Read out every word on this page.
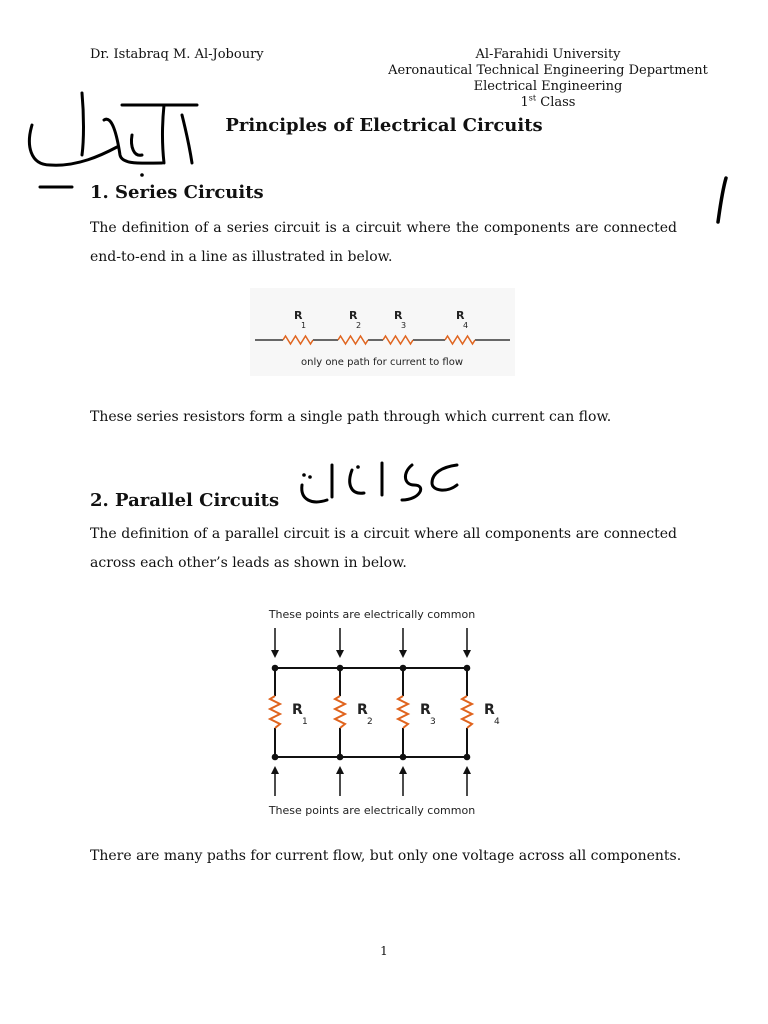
Dr. Istabraq M. Al-Joboury	Al-Farahidi University
Aeronautical Technical Engineering Department
Electrical Engineering
1st Class
Principles of Electrical Circuits
1. Series Circuits
The definition of a series circuit is a circuit where the components are connected end-to-end in a line as illustrated in below.
R
1
R
2
R
3
R
4
only one path for current to flow
These series resistors form a single path through which current can flow.
2. Parallel Circuits
The definition of a parallel circuit is a circuit where all components are connected across each other’s leads as shown in below.
These points are electrically common
R
1
R
2
R
3
R
4
These points are electrically common
There are many paths for current flow, but only one voltage across all components.
1
